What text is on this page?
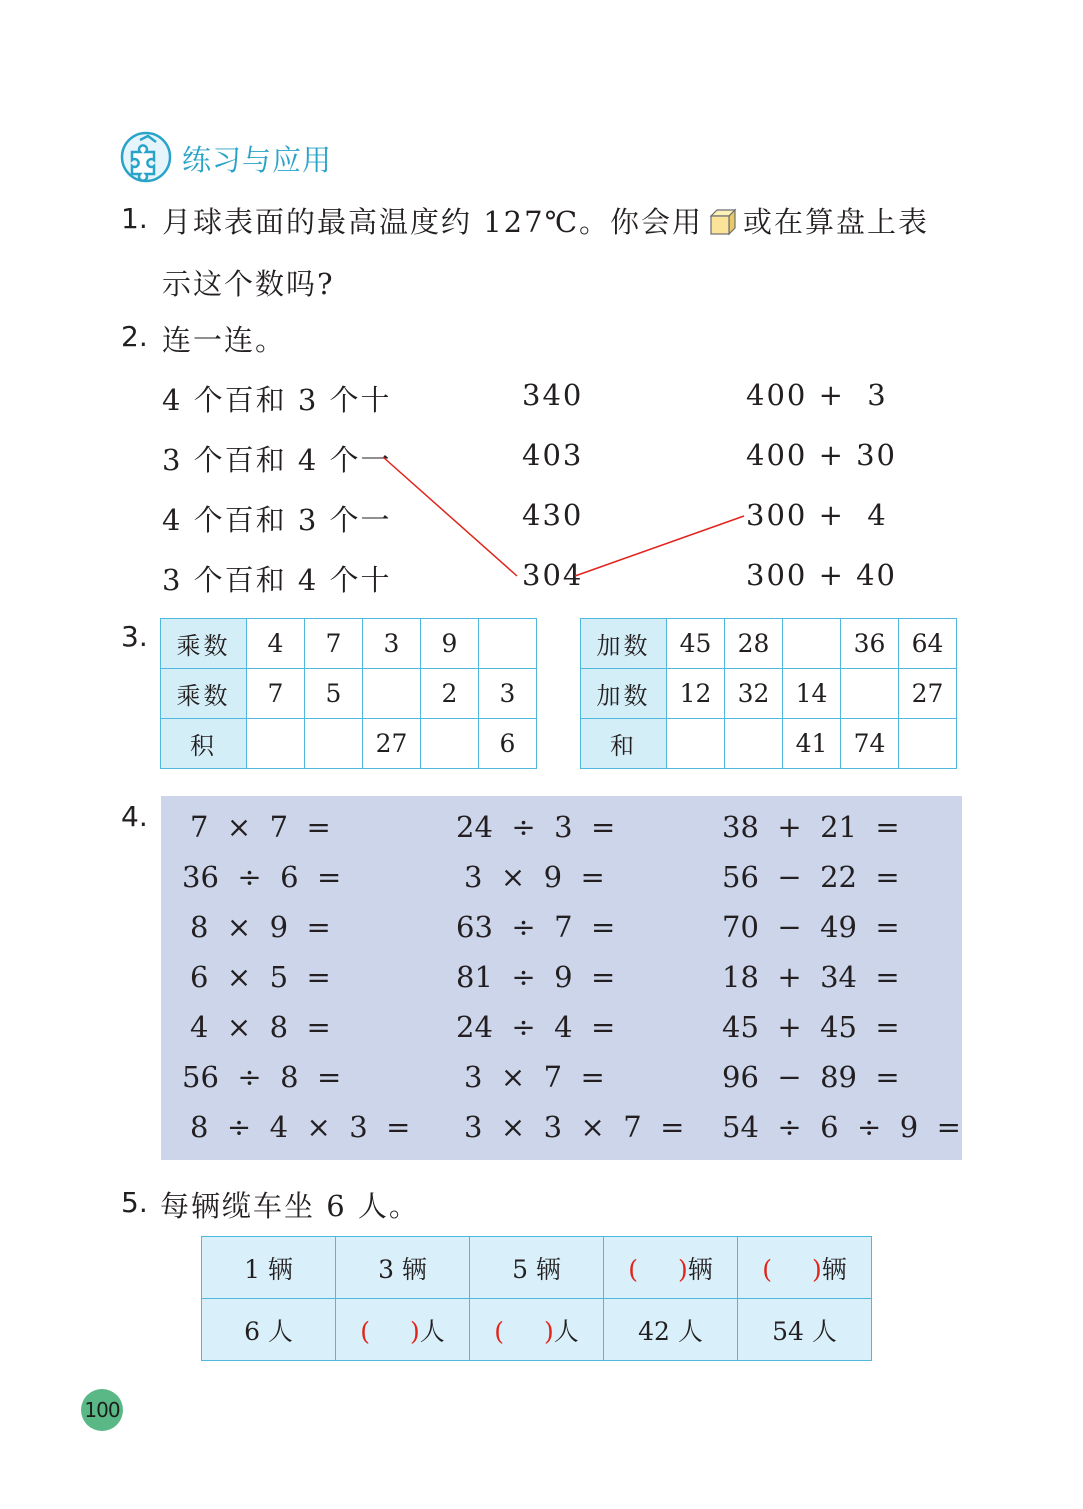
练习与应用
1. 月球表面的最高温度约 127℃。你会用 或在算盘上表
示这个数吗?
2. 连一连。
4 个百和 3 个十
3 个百和 4 个一
4 个百和 3 个一
3 个百和 4 个十
340
403
430
304
400 +  3
400 + 30
300 +  4
300 + 40
3. 乘数	4	7	3	9	
乘数	7	5		2	3
积			27		6
加数	45	28		36	64
加数	12	32	14		27
和			41	74	
4. 7  ×  7  =
36  ÷  6  =
8  ×  9  =
6  ×  5  =
4  ×  8  =
56  ÷  8  =
8  ÷  4  ×  3  =
24  ÷  3  =
3  ×  9  =
63  ÷  7  =
81  ÷  9  =
24  ÷  4  =
3  ×  7  =
3  ×  3  ×  7  =
38  +  21  =
56  −  22  =
70  −  49  =
18  +  34  =
45  +  45  =
96  −  89  =
54  ÷  6  ÷  9  =
5. 每辆缆车坐 6 人。
1 辆	3 辆	5 辆	( )辆	( )辆
6 人	( )人	( )人	42 人	54 人
100
